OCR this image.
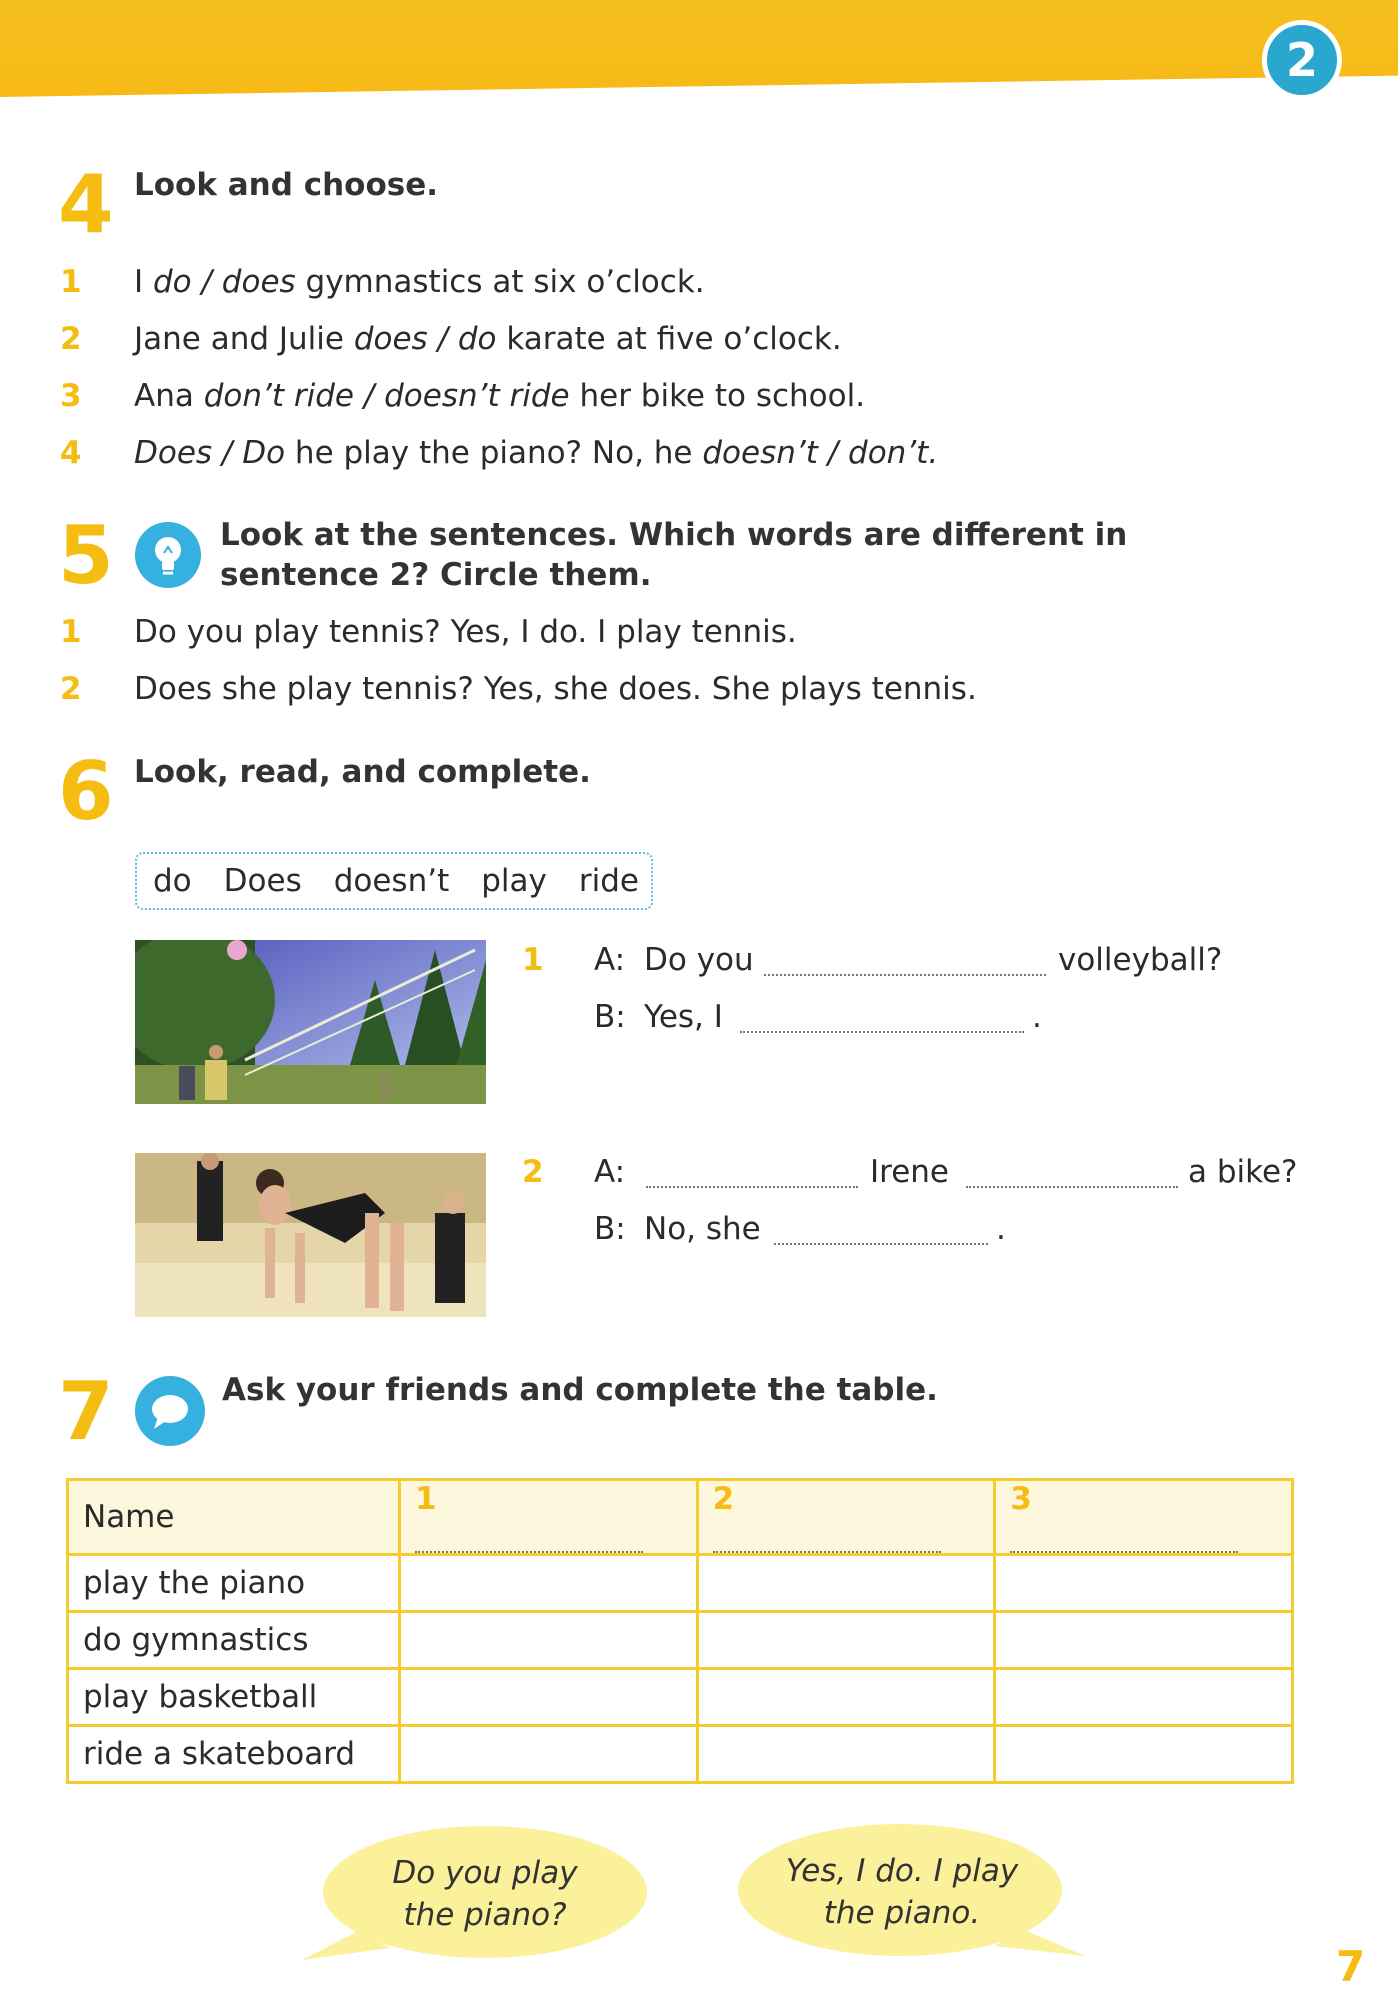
2
4 Look and choose.
1	I do / does gymnastics at six o’clock.
2	Jane and Julie does / do karate at five o’clock.
3	Ana don’t ride / doesn’t ride her bike to school.
4	Does / Do he play the piano? No, he doesn’t / don’t.
5	Look at the sentences. Which words are different in
sentence 2? Circle them.
1	Do you play tennis? Yes, I do. I play tennis.
2	Does she play tennis? Yes, she does. She plays tennis.
6 Look, read, and complete.
do Does doesn’t play ride
1 A: Do you	volleyball?
B: Yes, I	.
2 A:	Irene	a bike?
B: No, she	.
7	Ask your friends and complete the table.
Name	1	2	3
play the piano			
do gymnastics			
play basketball			
ride a skateboard			
Do you play
the piano?
Yes, I do. I play
the piano.
7
